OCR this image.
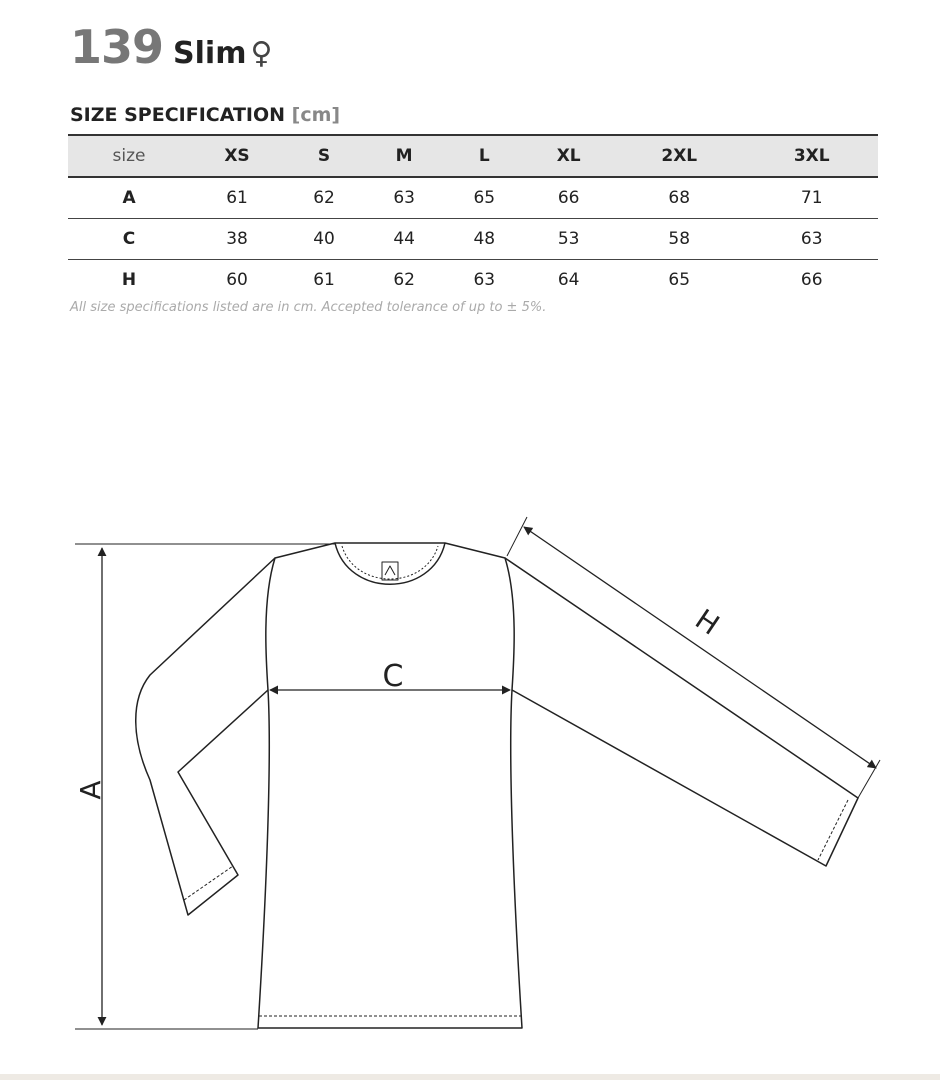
139 Slim ♀
SIZE SPECIFICATION [cm]
size	XS	S	M	L	XL	2XL	3XL
A	61	62	63	65	66	68	71
C	38	40	44	48	53	58	63
H	60	61	62	63	64	65	66
All size specifications listed are in cm. Accepted tolerance of up to ± 5%.
A
C
H
